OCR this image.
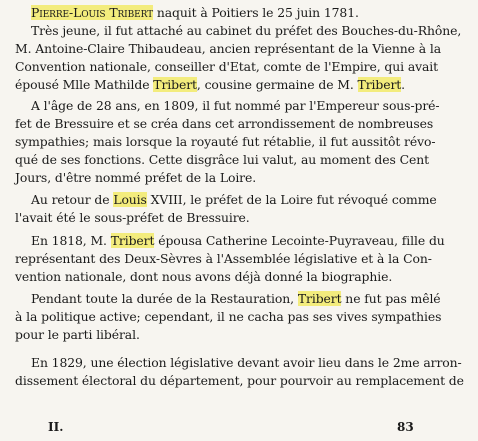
Pierre-Louis Tribert naquit à Poitiers le 25 juin 1781.
Très jeune, il fut attaché au cabinet du préfet des Bouches-du-Rhône,
M. Antoine-Claire Thibaudeau, ancien représentant de la Vienne à la
Convention nationale, conseiller d'Etat, comte de l'Empire, qui avait
épousé Mlle Mathilde Tribert, cousine germaine de M. Tribert.
A l'âge de 28 ans, en 1809, il fut nommé par l'Empereur sous-pré-
fet de Bressuire et se créa dans cet arrondissement de nombreuses
sympathies; mais lorsque la royauté fut rétablie, il fut aussitôt révo-
qué de ses fonctions. Cette disgrâce lui valut, au moment des Cent
Jours, d'être nommé préfet de la Loire.
Au retour de Louis XVIII, le préfet de la Loire fut révoqué comme
l'avait été le sous-préfet de Bressuire.
En 1818, M. Tribert épousa Catherine Lecointe-Puyraveau, fille du
représentant des Deux-Sèvres à l'Assemblée législative et à la Con-
vention nationale, dont nous avons déjà donné la biographie.
Pendant toute la durée de la Restauration, Tribert ne fut pas mêlé
à la politique active; cependant, il ne cacha pas ses vives sympathies
pour le parti libéral.
En 1829, une élection législative devant avoir lieu dans le 2me arron-
dissement électoral du département, pour pourvoir au remplacement de
II.	83
